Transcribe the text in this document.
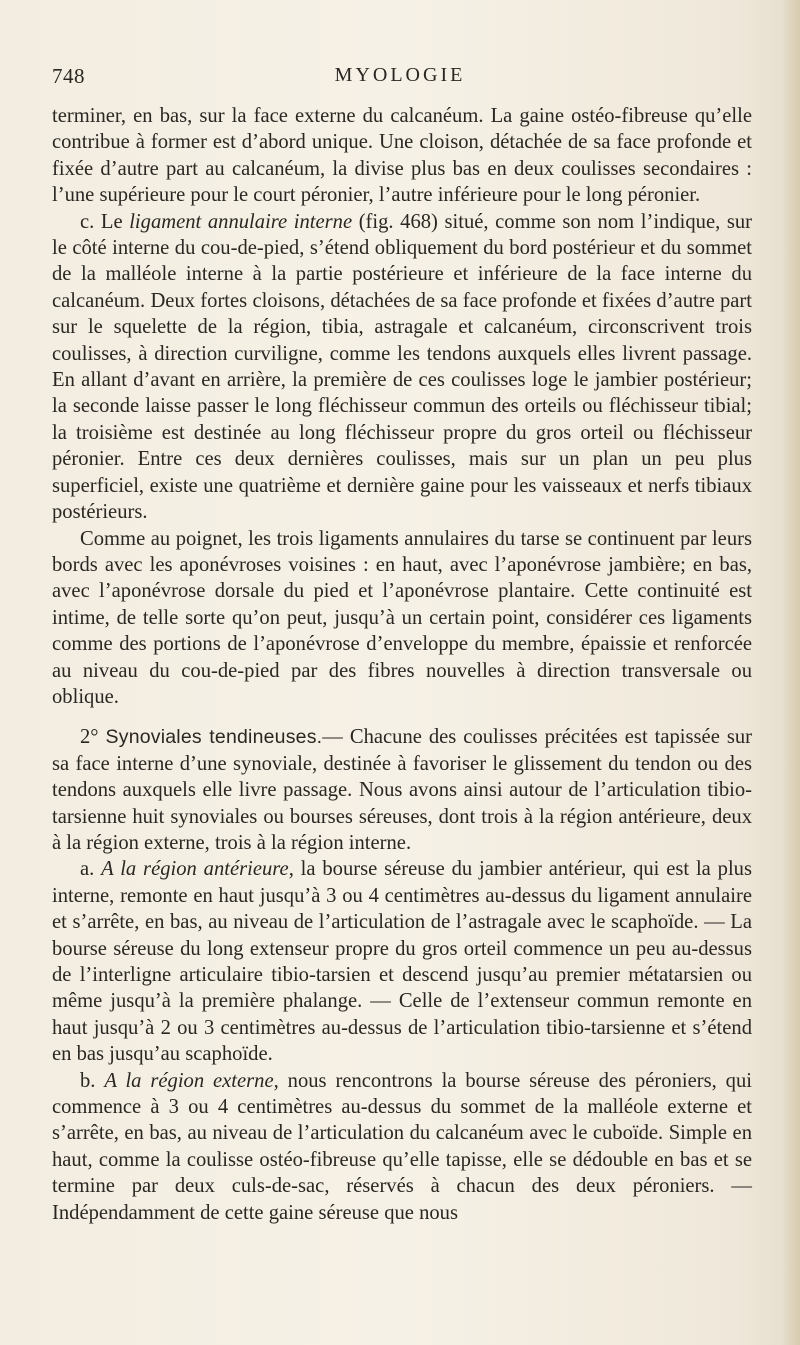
748	MYOLOGIE

terminer, en bas, sur la face externe du calcanéum. La gaine ostéo-fibreuse qu’elle contribue à former est d’abord unique. Une cloison, détachée de sa face profonde et fixée d’autre part au calcanéum, la divise plus bas en deux coulisses secondaires : l’une supérieure pour le court péronier, l’autre inférieure pour le long péronier.

c. Le ligament annulaire interne (fig. 468) situé, comme son nom l’indique, sur le côté interne du cou-de-pied, s’étend obliquement du bord postérieur et du sommet de la malléole interne à la partie postérieure et inférieure de la face interne du calcanéum. Deux fortes cloisons, détachées de sa face profonde et fixées d’autre part sur le squelette de la région, tibia, astragale et calcanéum, circonscrivent trois coulisses, à direction curviligne, comme les tendons auxquels elles livrent passage. En allant d’avant en arrière, la première de ces coulisses loge le jambier postérieur; la seconde laisse passer le long fléchisseur commun des orteils ou fléchisseur tibial; la troisième est destinée au long fléchisseur propre du gros orteil ou fléchisseur péronier. Entre ces deux dernières coulisses, mais sur un plan un peu plus superficiel, existe une quatrième et dernière gaine pour les vaisseaux et nerfs tibiaux postérieurs.

Comme au poignet, les trois ligaments annulaires du tarse se continuent par leurs bords avec les aponévroses voisines : en haut, avec l’aponévrose jambière; en bas, avec l’aponévrose dorsale du pied et l’aponévrose plantaire. Cette continuité est intime, de telle sorte qu’on peut, jusqu’à un certain point, considérer ces ligaments comme des portions de l’aponévrose d’enveloppe du membre, épaissie et renforcée au niveau du cou-de-pied par des fibres nouvelles à direction transversale ou oblique.

2° Synoviales tendineuses.— Chacune des coulisses précitées est tapissée sur sa face interne d’une synoviale, destinée à favoriser le glissement du tendon ou des tendons auxquels elle livre passage. Nous avons ainsi autour de l’articulation tibio-tarsienne huit synoviales ou bourses séreuses, dont trois à la région antérieure, deux à la région externe, trois à la région interne.

a. A la région antérieure, la bourse séreuse du jambier antérieur, qui est la plus interne, remonte en haut jusqu’à 3 ou 4 centimètres au-dessus du ligament annulaire et s’arrête, en bas, au niveau de l’articulation de l’astragale avec le scaphoïde. — La bourse séreuse du long extenseur propre du gros orteil commence un peu au-dessus de l’interligne articulaire tibio-tarsien et descend jusqu’au premier métatarsien ou même jusqu’à la première phalange. — Celle de l’extenseur commun remonte en haut jusqu’à 2 ou 3 centimètres au-dessus de l’articulation tibio-tarsienne et s’étend en bas jusqu’au scaphoïde.

b. A la région externe, nous rencontrons la bourse séreuse des péroniers, qui commence à 3 ou 4 centimètres au-dessus du sommet de la malléole externe et s’arrête, en bas, au niveau de l’articulation du calcanéum avec le cuboïde. Simple en haut, comme la coulisse ostéo-fibreuse qu’elle tapisse, elle se dédouble en bas et se termine par deux culs-de-sac, réservés à chacun des deux péroniers. — Indépendamment de cette gaine séreuse que nous
